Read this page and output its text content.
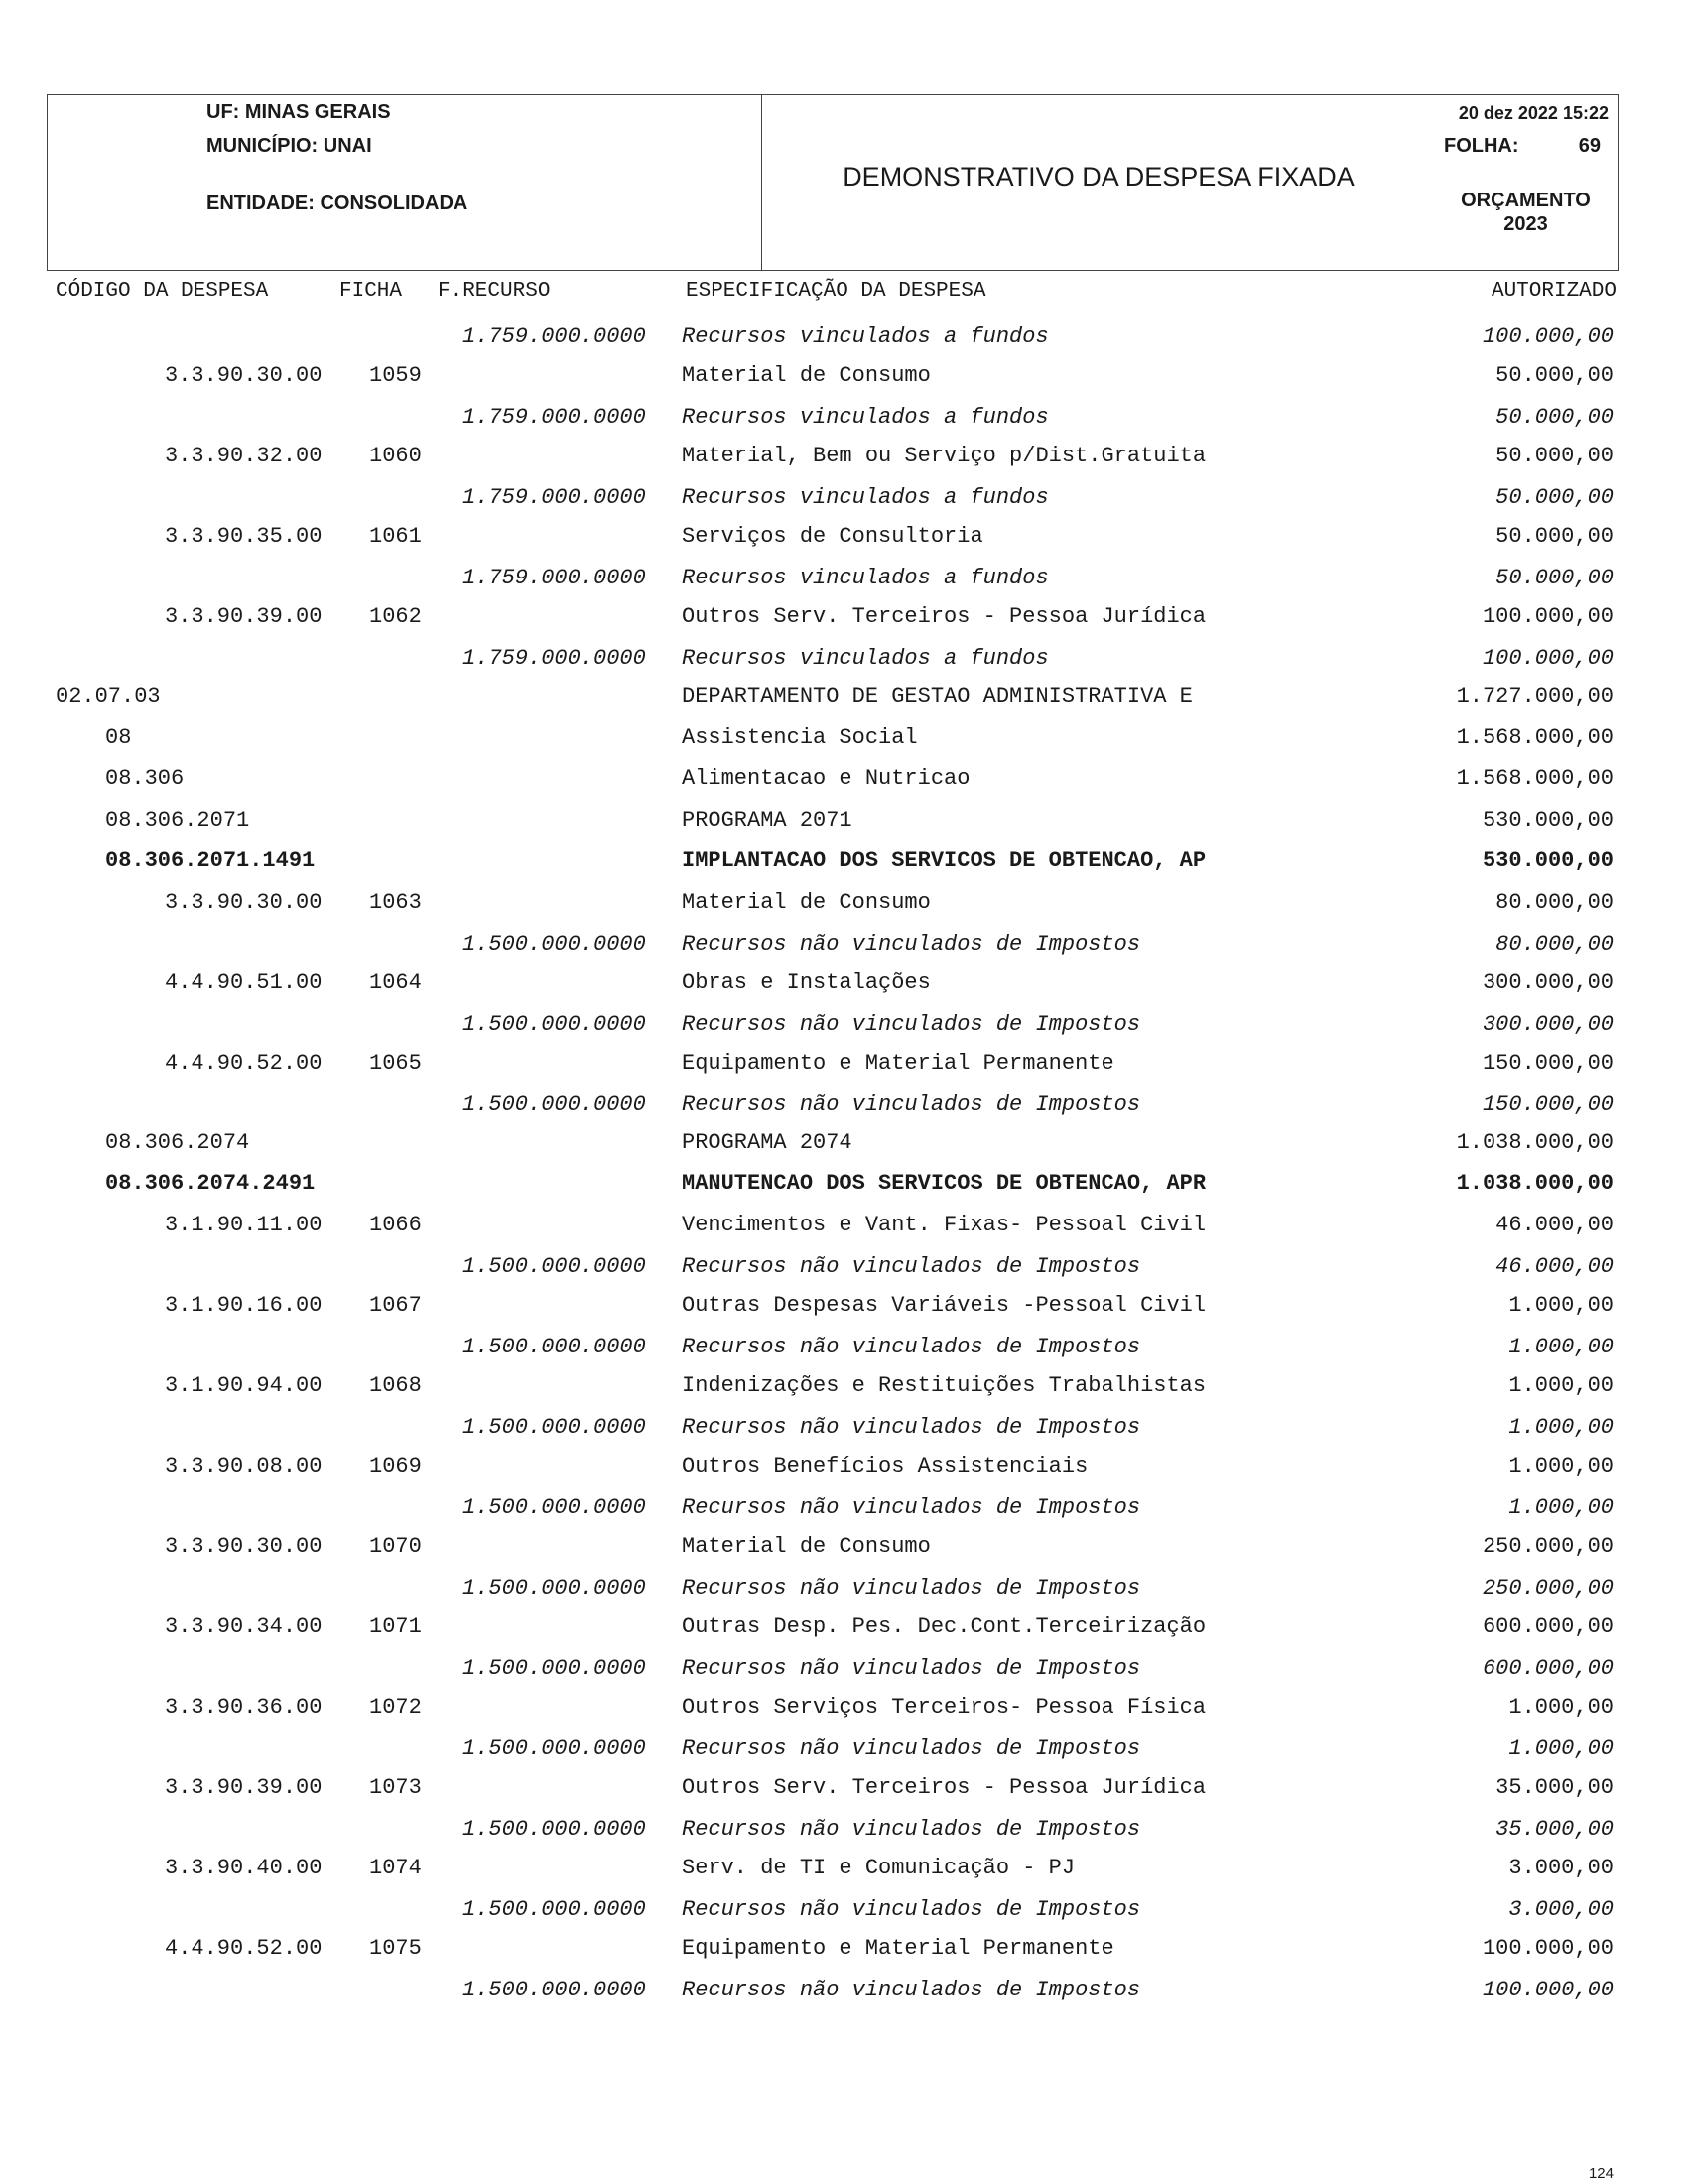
UF: MINAS GERAIS
MUNICÍPIO: UNAI
ENTIDADE: CONSOLIDADA
DEMONSTRATIVO DA DESPESA FIXADA
20 dez 2022 15:22
FOLHA:	69
ORÇAMENTO
2023
CÓDIGO DA DESPESA	FICHA F.RECURSO	ESPECIFICAÇÃO DA DESPESA	AUTORIZADO
1.759.000.0000 Recursos vinculados a fundos	100.000,00
3.3.90.30.00 1059	Material de Consumo	50.000,00
1.759.000.0000 Recursos vinculados a fundos	50.000,00
3.3.90.32.00 1060	Material, Bem ou Serviço p/Dist.Gratuita	50.000,00
1.759.000.0000 Recursos vinculados a fundos	50.000,00
3.3.90.35.00 1061	Serviços de Consultoria	50.000,00
1.759.000.0000 Recursos vinculados a fundos	50.000,00
3.3.90.39.00 1062	Outros Serv. Terceiros - Pessoa Jurídica	100.000,00
1.759.000.0000 Recursos vinculados a fundos	100.000,00
02.07.03	DEPARTAMENTO DE GESTAO ADMINISTRATIVA E	1.727.000,00
08	Assistencia Social	1.568.000,00
08.306	Alimentacao e Nutricao	1.568.000,00
08.306.2071	PROGRAMA 2071	530.000,00
08.306.2071.1491	IMPLANTACAO DOS SERVICOS DE OBTENCAO, AP	530.000,00
3.3.90.30.00 1063	Material de Consumo	80.000,00
1.500.000.0000 Recursos não vinculados de Impostos	80.000,00
4.4.90.51.00 1064	Obras e Instalações	300.000,00
1.500.000.0000 Recursos não vinculados de Impostos	300.000,00
4.4.90.52.00 1065	Equipamento e Material Permanente	150.000,00
1.500.000.0000 Recursos não vinculados de Impostos	150.000,00
08.306.2074	PROGRAMA 2074	1.038.000,00
08.306.2074.2491	MANUTENCAO DOS SERVICOS DE OBTENCAO, APR	1.038.000,00
3.1.90.11.00 1066	Vencimentos e Vant. Fixas- Pessoal Civil	46.000,00
1.500.000.0000 Recursos não vinculados de Impostos	46.000,00
3.1.90.16.00 1067	Outras Despesas Variáveis -Pessoal Civil	1.000,00
1.500.000.0000 Recursos não vinculados de Impostos	1.000,00
3.1.90.94.00 1068	Indenizações e Restituições Trabalhistas	1.000,00
1.500.000.0000 Recursos não vinculados de Impostos	1.000,00
3.3.90.08.00 1069	Outros Benefícios Assistenciais	1.000,00
1.500.000.0000 Recursos não vinculados de Impostos	1.000,00
3.3.90.30.00 1070	Material de Consumo	250.000,00
1.500.000.0000 Recursos não vinculados de Impostos	250.000,00
3.3.90.34.00 1071	Outras Desp. Pes. Dec.Cont.Terceirização	600.000,00
1.500.000.0000 Recursos não vinculados de Impostos	600.000,00
3.3.90.36.00 1072	Outros Serviços Terceiros- Pessoa Física	1.000,00
1.500.000.0000 Recursos não vinculados de Impostos	1.000,00
3.3.90.39.00 1073	Outros Serv. Terceiros - Pessoa Jurídica	35.000,00
1.500.000.0000 Recursos não vinculados de Impostos	35.000,00
3.3.90.40.00 1074	Serv. de TI e Comunicação - PJ	3.000,00
1.500.000.0000 Recursos não vinculados de Impostos	3.000,00
4.4.90.52.00 1075	Equipamento e Material Permanente	100.000,00
1.500.000.0000 Recursos não vinculados de Impostos	100.000,00
124
